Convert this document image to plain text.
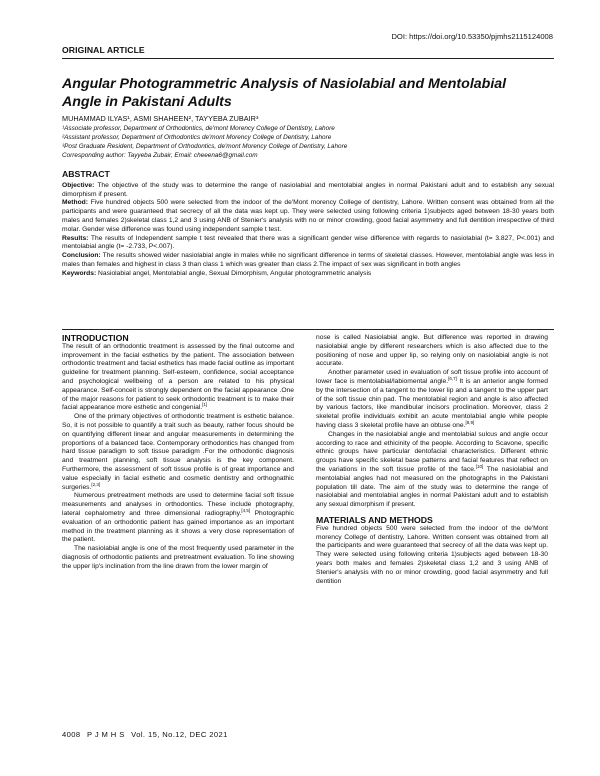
DOI: https://doi.org/10.53350/pjmhs2115124008
ORIGINAL ARTICLE
Angular Photogrammetric Analysis of Nasiolabial and Mentolabial Angle in Pakistani Adults
MUHAMMAD ILYAS¹, ASMI SHAHEEN², TAYYEBA ZUBAIR³
¹Associate professor, Department of Orthodontics, de'mont Morency College of Dentistry, Lahore
²Assistant professor, Department of Orthodontics de'mont Morency College of Dentistry, Lahore
³Post Graduate Resident, Department of Orthodontics, de'mont Morency College of Dentistry, Lahore
Corresponding author: Tayyeba Zubair, Email: cheeena6@gmail.com
ABSTRACT

Objective: The objective of the study was to determine the range of nasiolabial and mentolabial angles in normal Pakistani adult and to establish any sexual dimorphism if present.

Method: Five hundred objects 500 were selected from the indoor of the de'Mont morency College of dentistry, Lahore. Written consent was obtained from all the participants and were guaranteed that secrecy of all the data was kept up. They were selected using following criteria 1)subjects aged between 18-30 years both males and females 2)skeletal class 1,2 and 3 using ANB of Stenier's analysis with no or minor crowding, good facial asymmetry and full dentition irrespective of third molar. Gender wise difference was found using independent sample t test.

Results: The results of Independent sample t test revealed that there was a significant gender wise difference with regards to nasiolabial (t= 3.827, P<.001) and mentolabial angle (t= -2.733, P<.007).

Conclusion: The results showed wider nasiolabial angle in males while no significant difference in terms of skeletal classes. However, mentolabial angle was less in males than females and highest in class 3 than class 1 which was greater than class 2.The impact of sex was significant in both angles

Keywords: Nasiolabial angel, Mentolabial angle, Sexual Dimorphism, Angular photogrammetric analysis

INTRODUCTION

The result of an orthodontic treatment is assessed by the final outcome and improvement in the facial esthetics by the patient. The association between orthodontic treatment and facial esthetics has made facial outline as important guideline for treatment planning. Self-esteem, confidence, social acceptance and psychological wellbeing of a person are related to his physical appearance. Self-conceit is strongly dependent on the facial appearance .One of the major reasons for patient to seek orthodontic treatment is to make their facial appearance more esthetic and congenial.[1]

One of the primary objectives of orthodontic treatment is esthetic balance. So, it is not possible to quantify a trait such as beauty, rather focus should be on quantifying different linear and angular measurements in determining the proportions of a balanced face. Contemporary orthodontics has changed from hard tissue paradigm to soft tissue paradigm .For the orthodontic diagnosis and treatment planning, soft tissue analysis is the key component. Furthermore, the assessment of soft tissue profile is of great importance and value especially in facial esthetic and cosmetic dentistry and orthognathic surgeries.[2,3]

Numerous pretreatment methods are used to determine facial soft tissue measurements and analyses in orthodontics. These include photography, lateral cephalometry and three dimensional radiography.[4,5] Photographic evaluation of an orthodontic patient has gained importance as an important method in the treatment planning as it shows a very close representation of the patient.

The nasiolabial angle is one of the most frequently used parameter in the diagnosis of orthodontic patients and pretreatment evaluation. To line showing the upper lip's inclination from the line drawn from the lower margin of

nose is called Nasiolabial angle. But difference was reported in drawing nasiolabial angle by different researchers which is also affected due to the positioning of nose and upper lip, so relying only on nasiolabial angle is not accurate.

Another parameter used in evaluation of soft tissue profile into account of lower face is mentolabial/labiomental angle.[6,7] It is an anterior angle formed by the intersection of a tangent to the lower lip and a tangent to the upper part of the soft tissue chin pad. The mentolabial region and angle is also affected by various factors, like mandibular incisors proclination. Moreover, class 2 skeletal profile individuals exhibit an acute mentolabial angle while people having class 3 skeletal profile have an obtuse one.[8,9]

Changes in the nasiolabial angle and mentolabial sulcus and angle occur according to race and ethicinity of the people. According to Scavone, specific ethnic groups have particular dentofacial characteristics. Different ethnic groups have specific skeletal base patterns and facial features that reflect on the variations in the soft tissue profile of the face.[10] The nasiolabial and mentolabial angles had not measured on the photographs in the Pakistani population till date. The aim of the study was to determine the range of nasiolabial and mentolabial angles in normal Pakistani adult and to establish any sexual dimorphism if present.

MATERIALS AND METHODS

Five hundred objects 500 were selected from the indoor of the de'Mont morency College of dentistry, Lahore. Written consent was obtained from all the participants and were guaranteed that secrecy of all the data was kept up. They were selected using following criteria 1)subjects aged between 18-30 years both males and females 2)skeletal class 1,2 and 3 using ANB of Stenier's analysis with no or minor crowding, good facial asymmetry and full dentition

4008 P J M H S Vol. 15, No.12, DEC 2021
